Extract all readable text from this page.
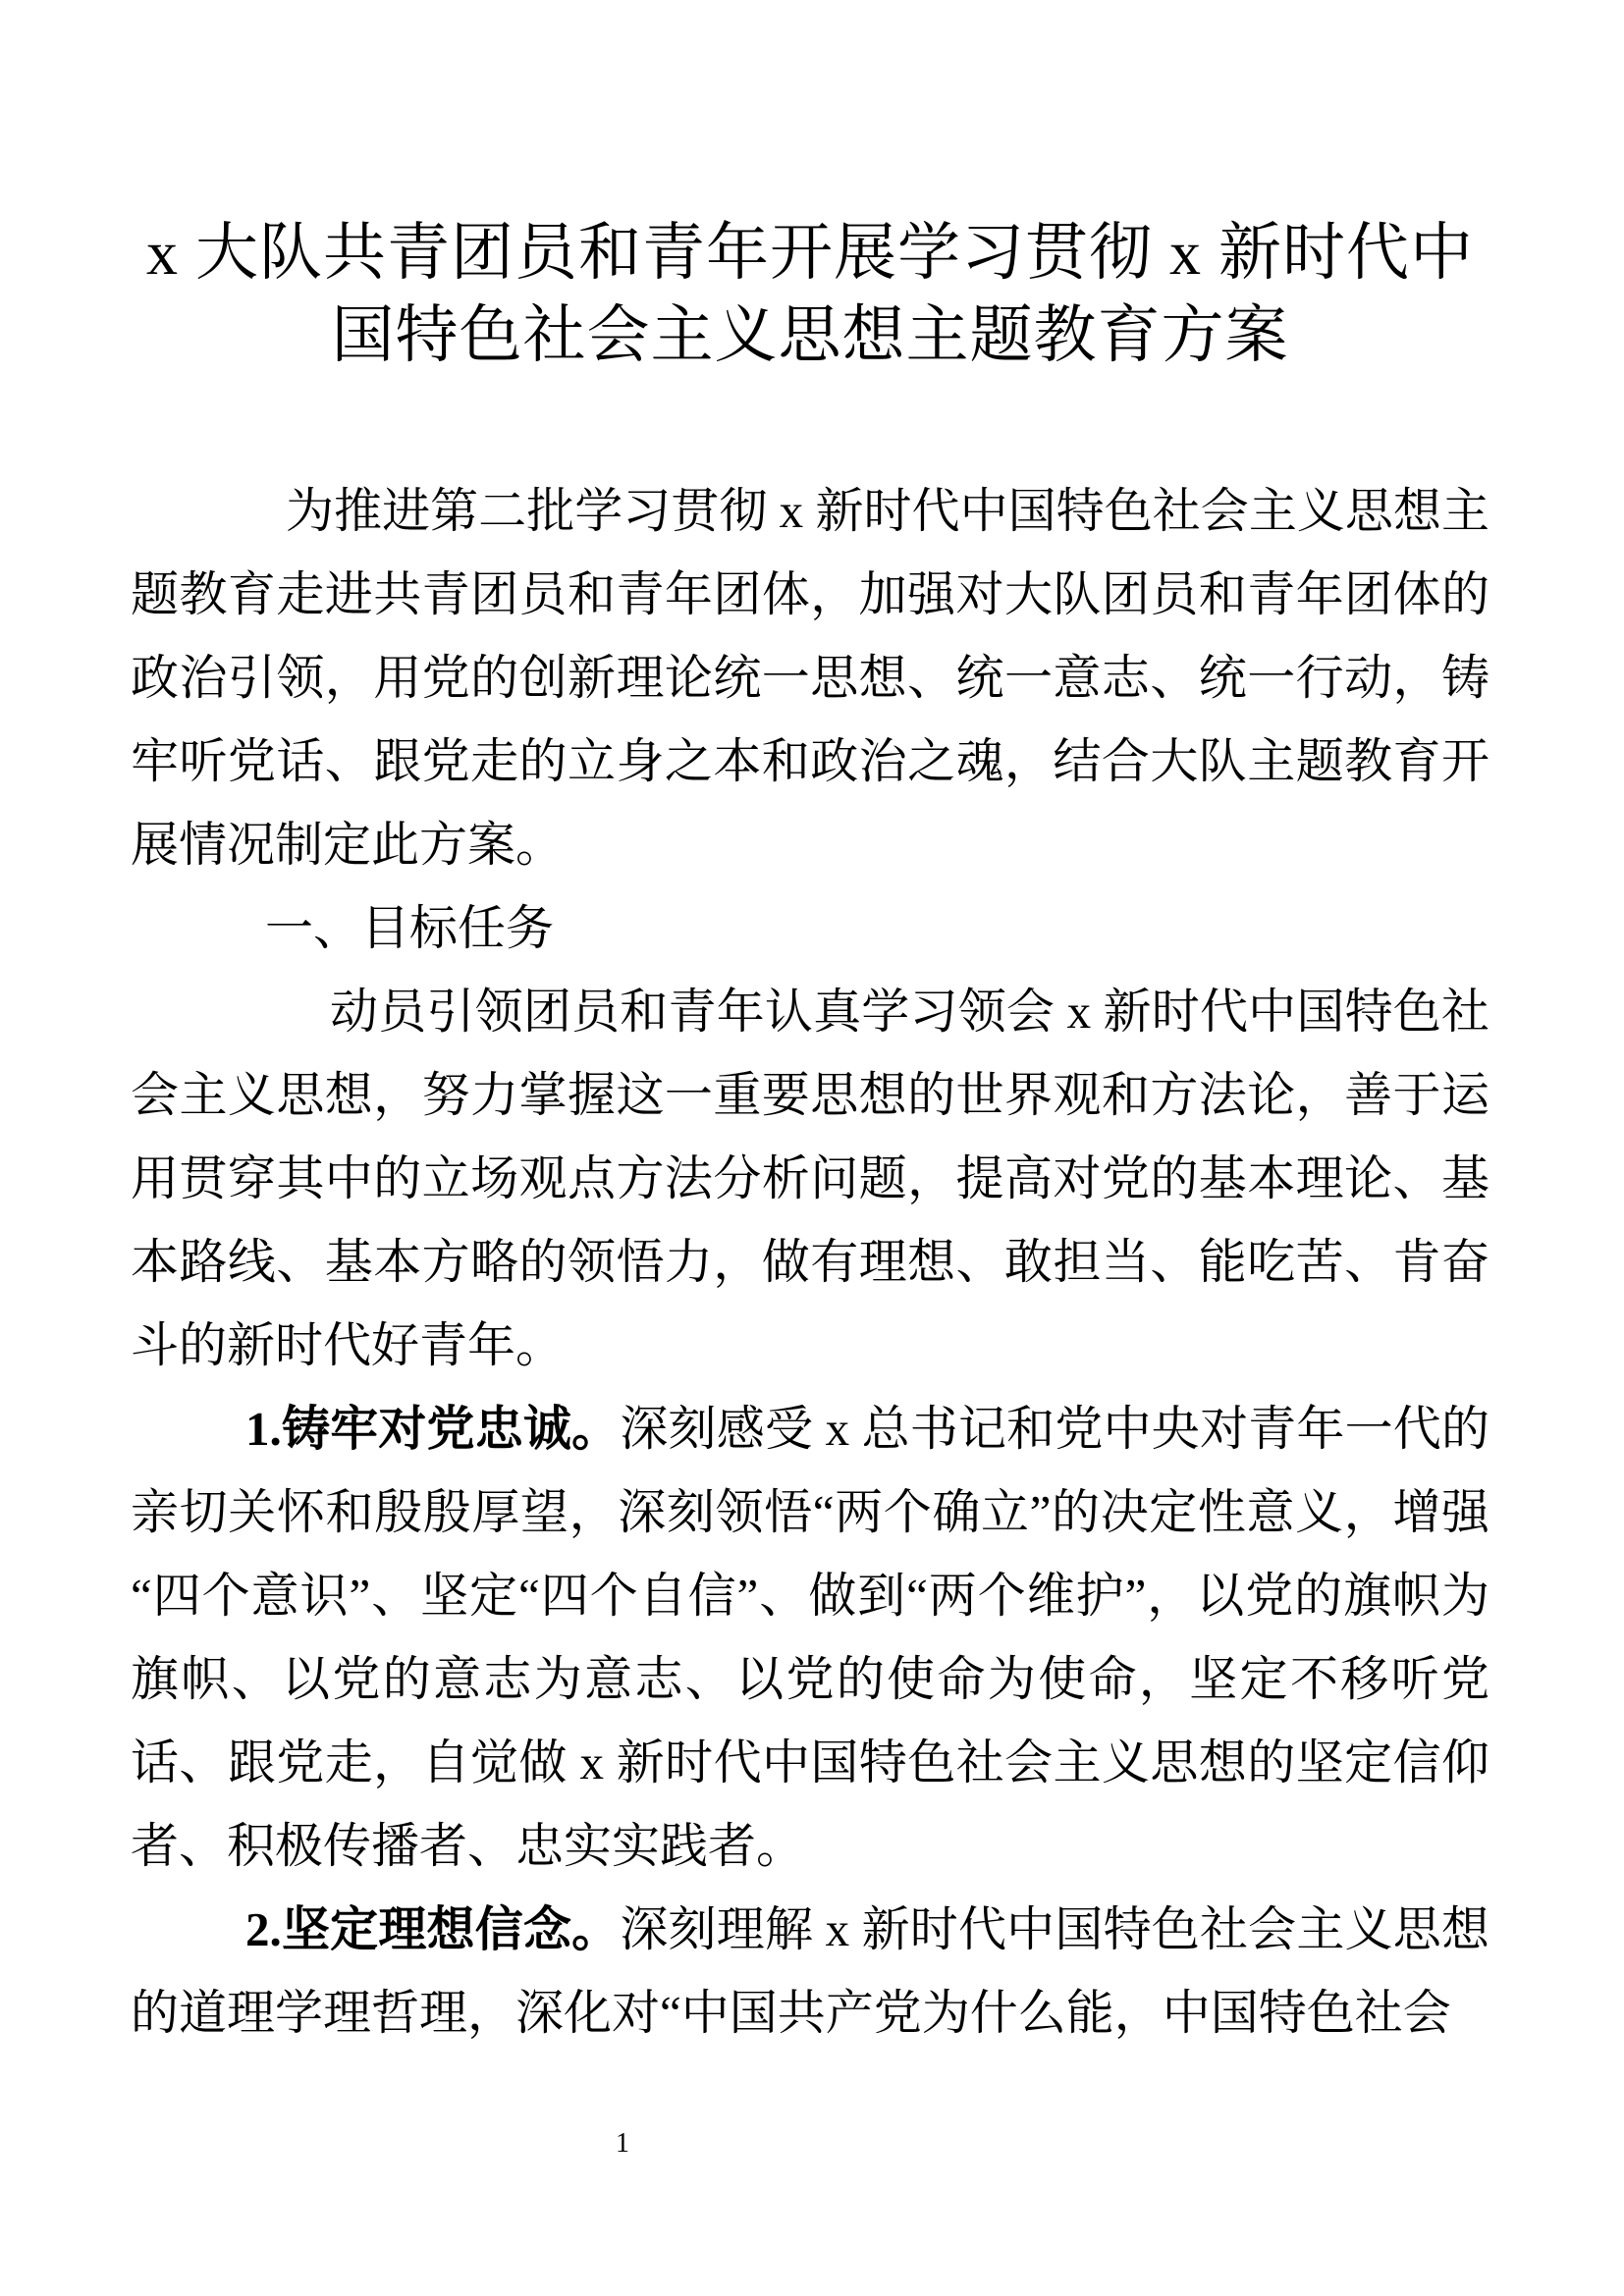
x 大队共青团员和青年开展学习贯彻 x 新时代中
国特色社会主义思想主题教育方案

为推进第二批学习贯彻 x 新时代中国特色社会主义思想主题教育走进共青团员和青年团体，加强对大队团员和青年团体的政治引领，用党的创新理论统一思想、统一意志、统一行动，铸牢听党话、跟党走的立身之本和政治之魂，结合大队主题教育开展情况制定此方案。

一、目标任务

动员引领团员和青年认真学习领会 x 新时代中国特色社会主义思想，努力掌握这一重要思想的世界观和方法论，善于运用贯穿其中的立场观点方法分析问题，提高对党的基本理论、基本路线、基本方略的领悟力，做有理想、敢担当、能吃苦、肯奋斗的新时代好青年。

1.铸牢对党忠诚。深刻感受 x 总书记和党中央对青年一代的亲切关怀和殷殷厚望，深刻领悟“两个确立”的决定性意义，增强“四个意识”、坚定“四个自信”、做到“两个维护”，以党的旗帜为旗帜、以党的意志为意志、以党的使命为使命，坚定不移听党话、跟党走，自觉做 x 新时代中国特色社会主义思想的坚定信仰者、积极传播者、忠实实践者。

2.坚定理想信念。深刻理解 x 新时代中国特色社会主义思想的道理学理哲理，深化对“中国共产党为什么能，中国特色社会

1
